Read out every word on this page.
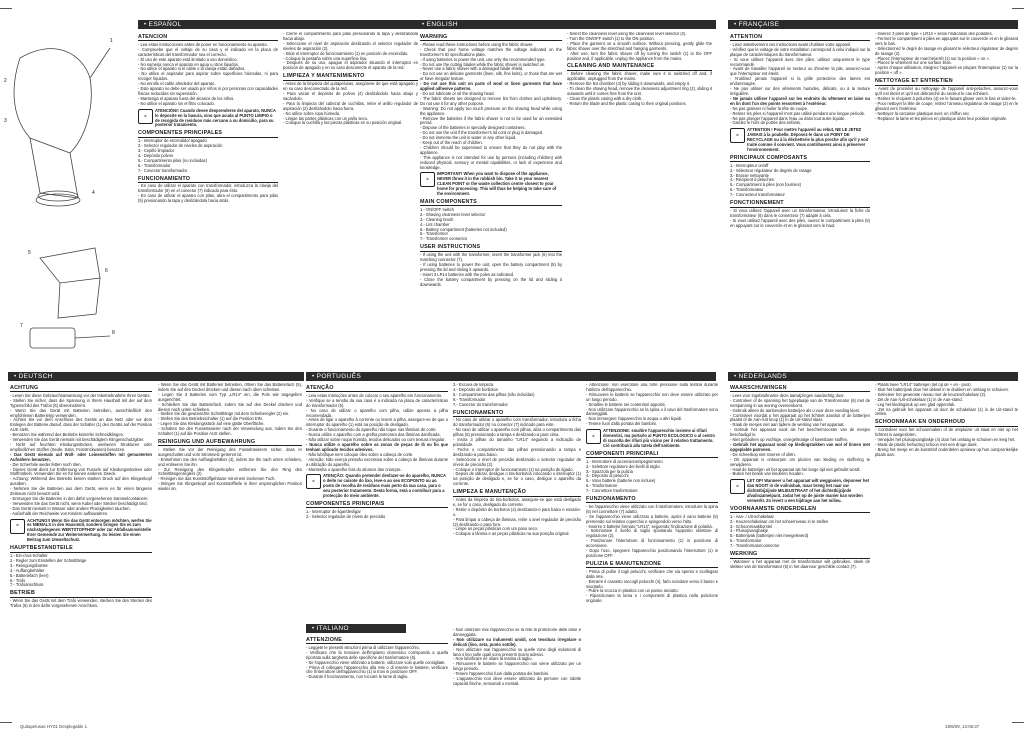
1
2
3
4
5
6
7
8
• ESPAÑOL	• ENGLISH	• FRANÇAISE
• DEUTSCH	• PORTUGUÊS	• NEDERLANDS
• ITALIANO
ATENCION
- Lea estas instrucciones antes de poner en funcionamiento su aparato.
- Compruebe que el voltaje de su casa y el indicado en la placa de características del transformador sea el correcto.
- El uso de este aparato está limitado a uso doméstico.
- No sumerja nunca el aparato en agua u otros líquidos.
- No utilice el aparato si el cable o la clavija están dañados.
- No utilice el aspirador para aspirar sobre superficies húmedas, ni para recoger líquidos.
- No enrolle el cable alrededor del aparato.
- Este aparato no debe ser usado por niños ni por personas con capacidades físicas reducidas sin supervisión.
- Mantenga el aparato fuera del alcance de los niños.
- No utilice el aparato sin el filtro colocado.
♻
ATENCIÓN!! Cuando desee desprenderse del aparato, NUNCA lo deposite en la basura, sino que acuda al PUNTO LIMPIO o de recogida de residuos más cercano a su domicilio, para su posterior tratamiento.
COMPONENTES PRINCIPALES
1.- Interruptor de encendido/ apagado
2.- Selector regulador de niveles de aspiración
3.- Cepillo limpiador
4.- Depósito polvos
5.- Compartimento pilas (no incluidas)
6.- Transformador
7.- Conector transformador
FUNCIONAMIENTO
- En caso de utilizar el aparato con transformador, introduzca la clavija del transformador (6) en el conector (7) indicado para ésto.
- En caso de utilizar el aparato con pilas, abra el compartimento para pilas (5) presionando la tapa y deslizándola hacia atrás.
- Cierre el compartimento para pilas presionando la tapa y deslizándola hacia abajo.
- Seleccione el nivel de aspiración deslizando el selector regulador de niveles de aspiración (2).
- Sitúe el interruptor de funcionamiento (1) en posición de encendido.
- Coloque la pestaña sobre una superficie lisa.
- Después de su uso, apague el aspirador situando el interruptor en posición de apagado y en su caso desconecte el aparato de la red.
LIMPIEZA Y MANTENIMIENTO
- Antes de la limpieza del quitapelusas, asegúrese de que está apagado y en su caso desconectado de la red.
- Para vaciar el depósito de polvos (4) deslizándolo hacia abajo y sacándolo.
- Para la limpieza del cabezal de cuchillas, retire el anillo regulador de aspiración (2) deslizándolo hacia fuera.
- No utilice sobre ropa húmeda.
- Limpie las partes plásticas con un paño seco.
- Coloque la cuchilla y las piezas plásticas en su posición original.
WARNING
- Please read these instructions before using the fabric shaver.
- Check that your home voltage matches the voltage indicated on the transformer's ID specifications plate.
- If using batteries to power the unit, use only the recommended type.
- Do not use the cutting blades while the fabric shaver is switched on.
- Never use a fabric shaver with a damaged blade shield.
- Do not use on delicate garments (linen, silk, fine knits), or those that are wet or have irregular texture.
- Do not use this unit on parts of wool or linen garments that have applied adhesive patterns.
- Do not lubricate or oil the shaving head.
- The fabric sheets are designed to remove lint from clothes and upholstery. Do not use it for any other purpose.
- Warning: Do not apply too much pressure on the shaving head while using the appliance.
- Remove the batteries if the fabric shaver is not to be used for an extended period.
- Dispose of the batteries in specially designed containers.
- Do not use the unit if the transformer's lid cord or plug is damaged.
- Do not immerse the unit in water or any other liquid.
- Keep out of the reach of children.
- Children should be supervised to ensure that they do not play with the appliance.
- This appliance is not intended for use by persons (including children) with reduced physical, sensory or mental capabilities, or lack of experience and knowledge.
♻
IMPORTANT! When you want to dispose of the appliance, NEVER throw it in the rubbish bin. Take it to your nearest CLEAN POINT or the waste collection centre closest to your home for processing. This will thus be helping to take care of the environment.
MAIN COMPONENTS
1.- ON/OFF switch
2.- Shaving cleanness level selector
3.- Cleaning brush
4.- Lint chamber
5.- Battery compartment (batteries not included)
6.- Transformer
7.- Transformer connector
USER INSTRUCTIONS
- If using the unit with the transformer, insert the transformer jack (6) into the matching connector (7).
- If using batteries to power the unit, open the battery compartment (5) by pressing the lid and sliding it upwards.
- Insert 3 LR14 batteries with the poles as indicated.
- Close the battery compartment by pressing on the lid and sliding it downwards.
- Select the cleanness level using the cleanness level selector (2).
- Turn the ON/OFF switch (1) to the ON position.
- Place the garment on a smooth surface. Without pressing, gently glide the fabric shaver over the stretched and hanging garments.
- After use, turn the fabric shaver off by turning the switch (1) to the OFF position and, if applicable, unplug the appliance from the mains.
CLEANING AND MAINTENANCE
- Before cleaning the fabric shaver, make sure it is switched off and, if applicable, unplugged from the mains.
- Remove the lint chamber (4) by sliding it downwards, and empty it.
- To clean the shaving head, remove the cleanness adjustment ring (2), sliding it outwards until it comes free from the unit.
- Clean the plastic casing with a dry cloth.
- Return the blade and the plastic casing to their original positions.
ATTENTION
- Lisez attentivement ces instructions avant d'utiliser votre appareil.
- Vérifiez que le voltage de votre installation correspond à celui indiqué sur la plaque de caractéristiques du transformateur.
- Si vous utilisez l'appareil avec des piles, utilisez uniquement le type recommandé.
- Avant de travailler l'appareil se secteur ou d'insérer la pile, assurez-vous que l'interrupteur est éteint.
- N'utilisez jamais l'appareil si la grille protectrice des lames est endommagée.
- Ne pas utiliser sur des vêtements humides, délicats, ou à la texture irrégulière.
- Ne jamais utiliser l'appareil sur les endroits du vêtement en laine ou en lin dont l'un des points ressortent à l'extérieur.
- Ne pas graisser ni huiler la tête de coupe.
- Retirez les piles si l'appareil n'est pas utilisé pendant une longue période.
- Ne pas plonger l'appareil dans l'eau ou dans tout autre liquide.
- Gardez le hors de portée des enfants.
♻
ATTENTION ! Pour mettre l'appareil au rebut, NE LE JETEZ JAMAIS à la poubelle. Déposez-le dans un POINT DE RECYCLAGE ou à la déchetterie la plus proche afin qu'il y soit traité comme il convient. Vous contribuerez ainsi à préserver l'environnement.
PRINCIPAUX COMPOSANTS
1.- Interrupteur on/off
2.- Sélecteur régulateur de degrés de rasage
3.- Brosse nettoyante
4.- Récipient à peluches
5.- Compartiment à piles (non fournies)
6.- Transformateur
7.- Connecteur transformateur
FONCTIONNEMENT
- Si vous utilisez l'appareil avec un transformateur, introduisez la fiche du transformateur (6) dans le connecteur (7) adapté à cela.
- Si vous utilisez l'appareil avec des piles, ouvrez le compartiment à piles (5) en appuyant sur le couvercle et en le glissant vers le haut.
- Insérez 3 piles de type « LR14 » selon l'indication des polarités.
- Fermez le compartiment à piles en appuyant sur le couvercle et en le glissant vers le bas.
- Sélectionnez le degré de rasage en glissant le sélecteur régulateur de degrés de rasage (2).
- Placez l'interrupteur de marche/arrêt (1) sur la position « on ».
- Placez le vêtement sur une surface lisse.
- Après chaque utilisation, éteignez l'appareil en plaçant l'interrupteur (1) sur la position « off ».
NETTOYAGE ET ENTRETIEN
- Avant de procéder au nettoyage de l'appareil anti-peluches, assurez-vous qu'il est éteint et qu'il est débranché du secteur le cas échéant.
- Retirez le récipient à peluches (4) en le faisant glisser vers le bas et videz-le.
- Pour nettoyer la tête de coupe, retirez l'anneau régulateur de rasage (2) en le glissant vers l'extérieur.
- Nettoyez la carcasse plastique avec un chiffon sec.
- Replacez la lame et les pièces en plastique dans leur position originale.
ACHTUNG
- Lesen Sie diese Gebrauchsanweisung vor der Inbetriebnahme Ihres Geräts.
- Stellen Sie sicher, dass die Spannung in Ihrem Haushalt mit der auf dem Typenschild des Trafos (6) übereinstimmt.
- Wenn Sie das Gerät mit Batterien betreiben, ausschließlich den empfohlenen Batterietyp verwenden.
- Achten Sie vor dem Anschluss des Geräts an das Netz oder vor dem Einlegen der Batterie darauf, dass der Schalter (1) des Geräts auf der Position AUS steht.
- Benutzen Sie während des Betriebs keinerlei Schneidklingen.
- Verwenden Sie das Gerät niemals mit beschädigtem Klingenschutzgitter.
- Nicht auf feuchten Kleidungsstücken, unebenen Strukturen oder empfindlichen Stoffen (Seide, Satin, Feinstrickwaren) benutzen.
- Das Gerät niemals auf Woll- oder Leinenstoffen mit gemusterten Aufnähern benutzen.
- Die Scherfolie weder fetten noch ölen.
- Dieses Gerät dient zur Entfernung von Fusseln auf Kleidungsstücken oder Stoffmöbeln. Verwenden Sie es für keinen anderen Zweck.
- Achtung: Während des Betriebs keinen starken Druck auf den Klingenkopf ausüben.
- Nehmen Sie die Batterien aus dem Gerät, wenn es für einen längeren Zeitraum nicht benutzt wird.
- Entsorgen Sie die Batterien in den dafür vorgesehenen Sammelcontainern.
- Verwenden Sie das Gerät nicht, wenn Kabel oder Stecker beschädigt sind.
- Das Gerät niemals in Wasser oder andere Flüssigkeiten tauchen.
- Außerhalb der Reichweite von Kindern aufbewahren.
♻
ACHTUNG!! Wenn Sie das Gerät entsorgen möchten, werfen Sie es NIEMALS in den Hausmüll, sondern bringen Sie es zum nächstgelegenen WERTSTOFFHOF oder zur Abfallsammelstelle Ihrer Gemeinde zur Weiterverwertung. So leisten Sie einen Beitrag zum Umweltschutz.
HAUPTBESTANDTEILE
1.- Ein-/Aus-Schalter
2.- Regler zum Einstellen der Schnittlänge
3.- Reinigungsbürste
4.- Auffangbehälter
5.- Batteriefach (leer)
6.- Trafo
7.- Trafoanschluss
BETRIEB
- Wenn Sie das Gerät mit dem Trafo verwenden, stecken Sie den Stecker des Trafos (6) in den dafür vorgesehenen Anschluss.
- Wenn Sie das Gerät mit Batterien betreiben, öffnen Sie das Batteriefach (5), indem Sie auf den Deckel drücken und diesen nach oben schieben.
- Legen Sie 3 Batterien vom Typ „LR14" ein, die Pole wie angegeben ausgerichtet.
- Schließen Sie das Batteriefach, indem Sie auf den Deckel drücken und diesen nach unten schieben.
- Stellen Sie die gewünschte Schnittlänge mit dem Schieberegler (2) ein.
- Stellen Sie den Betriebsschalter (1) auf die Position EIN.
- Legen Sie das Kleidungsstück auf eine glatte Oberfläche.
- Schalten Sie den Fusselrasierer nach der Verwendung aus, indem Sie den Schalter (1) auf die Position AUS stellen.
REINIGUNG UND AUFBEWAHRUNG
- Stellen Sie vor der Reinigung des Fusselrasierers sicher, dass er ausgeschaltet und vom Stromnetz getrennt ist.
- Entnehmen Sie den Auffangbehälter (4), indem Sie ihn nach unten schieben, und entleeren Sie ihn.
- Zur Reinigung des Klingenkopfes entfernen Sie den Ring des Schnittlängenreglers (2).
- Reinigen Sie das Kunststoffgehäuse mit einem trockenen Tuch.
- Bringen Sie Klingenkopf und Kunststoffteile in ihrer ursprünglichen Position wieder an.
ATENÇÃO
- Leia estas instruções antes de colocar o seu aparelho em funcionamento.
- Verifique se a tensão da sua casa é a indicada na placa de características do transformador (6).
- No caso de utilizar o aparelho com pilha, utilize apenas a pilha recomendada.
- Antes de ligar o aparelho à corrente ou inserir a pilha, assegure-se de que o interruptor do aparelho (1) está na posição de desligado.
- Durante o funcionamento do aparelho não toque nas lâminas de corte.
- Nunca utilize o aparelho com a grelha protectora das lâminas danificada.
- Não utilizar sobre roupa húmida, tecidos delicados ou com textura irregular.
- Nunca utilize o aparelho sobre as zonas de peças de lã ou fio que tenham aplicado tecidos adesivos.
- Não lubrifique nem coloque óleo sobre a cabeça de corte.
- Atenção: Não exerça pressão excessiva sobre a cabeça de lâminas durante a utilização do aparelho.
- Mantenha o aparelho fora do alcance das crianças.
♻
ATENÇÃO: Quando pretender desfazer-se do aparelho, NUNCA o deite no caixote do lixo, leve-o ao seu ECOPONTO ou ao posto de recolha de resíduos mais perto da sua casa, para o seu posterior tratamento. Desta forma, está a contribuir para a protecção do meio ambiente.
COMPONENTES PRINCIPAIS
1.- Interruptor de ligar/desligar
2.- Selector regulador de níveis de precisão
3.- Escova de limpeza
4.- Depósito de borbotos
5.- Compartimento das pilhas (não incluídas)
6.- Transformador
7.- Conector do transformador
FUNCIONAMENTO
- No caso de utilizar o aparelho com transformador, introduza a ficha do transformador (6) no conector (7) indicado para este.
- No caso de utilizar o aparelho com pilhas, abra o compartimento das pilhas (5) pressionando a tampa e deslizando-a para cima.
- Insira 3 pilhas do tamanho "LR14" seguindo a indicação de polaridade.
- Feche o compartimento das pilhas pressionando a tampa e deslizando-a para baixo.
- Seleccione o nível de precisão deslizando o selector regulador de níveis de precisão (2).
- Coloque o interruptor de funcionamento (1) na posição de ligado.
- Depois de utilizar, desligue o tira-borbotos colocando o interruptor (1) na posição de desligado e, se for o caso, desligue o aparelho da corrente.
LIMPEZA E MANUTENÇÃO
- Antes da limpeza do tira-borbotos, assegure-se que está desligado e, se for o caso, desligado da corrente.
- Retire o depósito de borbotos (4) deslizando-o para baixo e esvazie-o.
- Para limpar a cabeça de lâminas, retire o anel regulador de precisão (2) deslizando-o para fora.
- Limpe as peças plásticas com um pano seco.
- Coloque a lâmina e as peças plásticas na sua posição original.
ATTENZIONE
- Leggete le presenti istruzioni prima di utilizzare l'apparecchio.
- Verificare che la tensione dell'impianto domestico corrisponda a quella riportata sulla targhetta delle specifiche del trasformatore (6).
- Se l'apparecchio viene utilizzato a batterie, utilizzare solo quelle consigliate.
- Prima di collegare l'apparecchio alla rete o di inserire le batterie, verificare che l'interruttore dell'apparecchio (1) si trovi in posizione OFF.
- Durante il funzionamento, non toccare le lame di taglio.
- Non utilizzare mai l'apparecchio se la rete di protezione delle lame è danneggiata.
- Non utilizzare su indumenti umidi, con tessitura irregolare o delicati (lino, seta, punto sottile).
- Non utilizzare mai l'apparecchio su quelle zone degli indumenti di lana o lino sulle quali sono presenti ricami adesivi.
- Non lubrificare né oliare la testina di taglio.
- Rimuovere le batterie se l'apparecchio non viene utilizzato per un lungo periodo.
- Tenere l'apparecchio fuori dalla portata dei bambini.
- L'apparecchio non deve essere utilizzato da persone con ridotte capacità fisiche, sensoriali o mentali.
- Attenzione: non esercitare una forte pressione sulla testina durante l'utilizzo dell'apparecchio.
- Rimuovere le batterie se l'apparecchio non deve essere utilizzato per un lungo periodo.
- Smaltire le batterie nei contenitori appositi.
- Non utilizzare l'apparecchio se la spina o il cavo del trasformatore sono danneggiati.
- Non immergere l'apparecchio in acqua o altri liquidi.
- Tenere fuori dalla portata dei bambini.
♻
ATTENZIONE: smaltire l'apparecchio insieme ai rifiuti domestici, ma portarlo al PUNTO ECOLOGICO o al centro di raccolta dei rifiuti più vicino per il relativo trattamento. Ciò contribuirà alla tutela dell'ambiente.
COMPONENTI PRINCIPALI
1.- Interruttore di accensione/spegnimento
2.- Selettore regolatore dei livelli di taglio
3.- Spazzola per la pulizia
4.- Deposito di pelucchi
5.- Vano batterie (batterie non incluse)
6.- Trasformatore
7.- Connettore trasformatore
FUNZIONAMENTO
- Se l'apparecchio viene utilizzato con il trasformatore, introdurre la spina (6) nel connettore (7) adatto.
- Se l'apparecchio viene utilizzato a batterie, aprire il vano batterie (5) premendo sul relativo coperchio e spingendolo verso l'alto.
- Inserire 3 batterie formato "LR14", seguendo l'indicazione di polarità.
- Selezionare il livello di taglio spostando l'apposito selettore di regolazione (2).
- Posizionare l'interruttore di funzionamento (1) in posizione di accensione.
- Dopo l'uso, spegnere l'apparecchio posizionando l'interruttore (1) in posizione OFF.
PULIZIA E MANUTENZIONE
- Prima di pulire il togli pelucchi, verificare che sia spento e scollegato dalla rete.
- Estrarre il cassetto raccogli pelucchi (4), farlo scivolare verso il basso e svuotarlo.
- Pulire la scocca in plastica con un panno asciutto.
- Riposizionare la lama e i componenti di plastica nella posizione originale.
WAARSCHUWINGEN
- Lees voor ingebruikname deze aanwijzingen aandachtig door.
- Controleer of de spanning het typeplaatje van de Transformator (6) met de netspanning in uw woning overeenkomt.
- Gebruik alleen de aanbevolen batterijen als u voor deze voeding kiest.
- Controleer voordat u het apparaat op het lichtnet aansluit of de batterijen plaatst of de Aan-/Uit knop (1) in de Uit-stand staat.
- Raak de mesjes niet aan tijdens de werking van het apparaat.
- Gebruik het apparaat nooit als het beschermrooster van de mesjes beschadigd is.
- Niet gebruiken op vochtige, onregelmatige of kwetsbare stoffen.
- Gebruik het apparaat nooit op kledingstukken van wol of linnen met opgeplakte patronen.
- De scheerkop niet smeren of oliën.
- Dit apparaat is ontworpen om pluizen van kleding en stoffering te verwijderen.
- Haal de batterijen uit het apparaat als het lange tijd niet gebruikt wordt.
- Buiten het bereik van kinderen houden.
♻
LET OP! Wanneer u het apparaat wilt weggooien, deponeer het dan NOOIT in de vuilnisbak, maar breng het naar uw dichtstbijzijnde MILIEUSTRAAT of het dichtstbijzijnde afvalinzamelpunt, zodat het op de juiste manier kan worden verwerkt. Zo levert u een bijdrage aan het milieu.
VOORNAAMSTE ONDERDELEN
1.- Aan- / Uit-schakelaar
2.- Keuzeschakelaar om het scheerniveau in te stellen
3.- Schoonmaakborstel
4.- Pluisopvangbakje
5.- Batterijvak (batterijen niet meegeleverd)
6.- Transformator
7.- Transformatorconnector
WERKING
- Wanneer u het apparaat met de transformator wilt gebruiken, steek de stekker van de transformator (6) in het daarvoor geschikte contact (7).
- Plaats twee "LR14" batterijen (let op de + en - pool).
- Sluit het batterijvak door het deksel in te drukken en omlaag te schuiven.
- Selecteer het gewenste niveau met de keuzeschakelaar (2).
- Zet de Aan-/Uit-schakelaar (1) in de Aan-stand.
- Leg het kledingstuk op een glad oppervlak.
- Zet na gebruik het apparaat uit door de schakelaar (1) in de Uit-stand te zetten.
SCHOONMAAK EN ONDERHOUD
- Controleer voor het schoonmaken of de ontpluizer uit staat en niet op het lichtnet is aangesloten.
- Verwijder het pluisopvangbakje (4) door het omlaag te schuiven en leeg het.
- Maak de plastic behuizing schoon met een droge doek.
- Breng het mesje en de kunststof onderdelen opnieuw op hun oorspronkelijke plaats aan.
Quitapelusas HY01 Desplegable 1	19/6/09, 13:06:37
